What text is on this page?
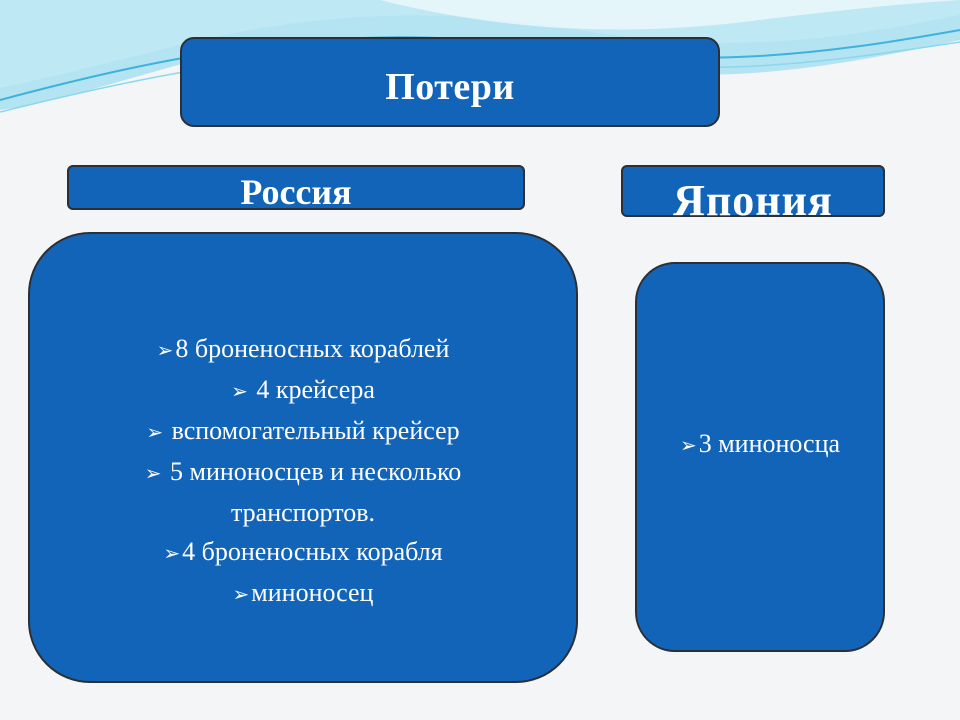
Потери
Россия	Япония
➢8 броненосных кораблей
➢ 4 крейсера
➢ вспомогательный крейсер
➢ 5 миноносцев и несколько транспортов.
➢4 броненосных корабля
➢миноносец
➢3 миноносца
